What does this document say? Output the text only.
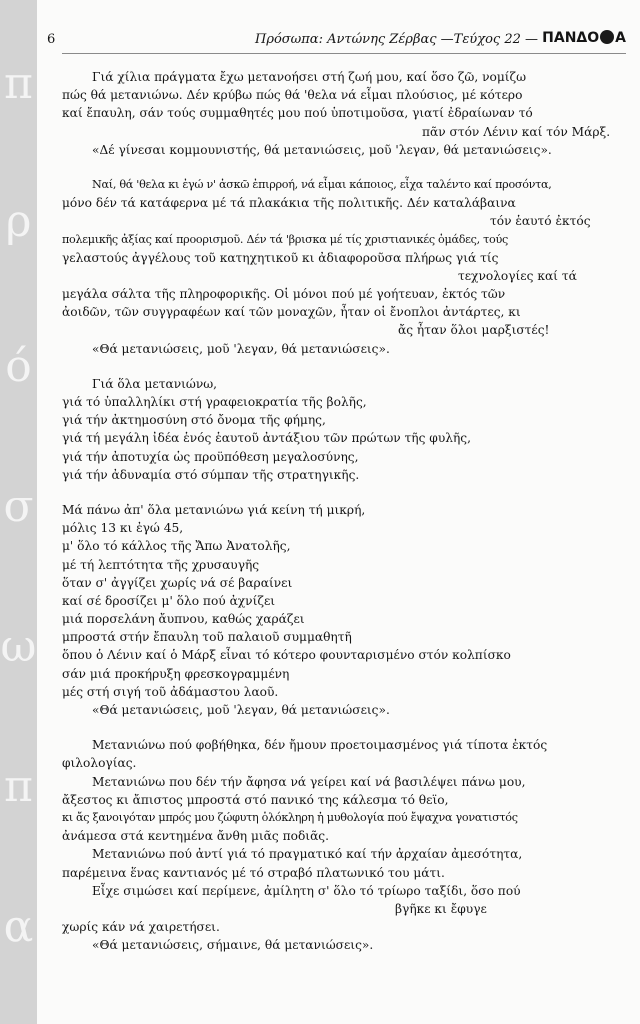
π
ρ
ό
σ
ω
π
α
6	Πρόσωπα: Αντώνης Ζέρβας —Τεύχος 22 — ΠΑΝΔΟ Α
Γιά χίλια πράγματα ἔχω μετανοήσει στή ζωή μου, καί ὅσο ζῶ, νομίζω
πώς θά μετανιώνω. Δέν κρύβω πώς θά 'θελα νά εἶμαι πλούσιος, μέ κότερο
καί ἔπαυλη, σάν τούς συμμαθητές μου πού ὑποτιμοῦσα, γιατί ἐδραίωναν τό
πᾶν στόν Λένιν καί τόν Μάρξ.
«Δέ γίνεσαι κομμουνιστής, θά μετανιώσεις, μοῦ 'λεγαν, θά μετανιώσεις».
Ναί, θά 'θελα κι ἐγώ ν' ἀσκῶ ἐπιρροή, νά εἶμαι κάποιος, εἶχα ταλέντο καί προσόντα,
μόνο δέν τά κατάφερνα μέ τά πλακάκια τῆς πολιτικῆς. Δέν καταλάβαινα
τόν ἑαυτό ἐκτός
πολεμικῆς ἀξίας καί προορισμοῦ. Δέν τά 'βρισκα μέ τίς χριστιανικές ὁμάδες, τούς
γελαστούς ἀγγέλους τοῦ κατηχητικοῦ κι ἀδιαφοροῦσα πλήρως γιά τίς
τεχνολογίες καί τά
μεγάλα σάλτα τῆς πληροφορικῆς. Οἱ μόνοι πού μέ γοήτευαν, ἐκτός τῶν
ἀοιδῶν, τῶν συγγραφέων καί τῶν μοναχῶν, ἦταν οἱ ἔνοπλοι ἀντάρτες, κι
ἄς ἦταν ὅλοι μαρξιστές!
«Θά μετανιώσεις, μοῦ 'λεγαν, θά μετανιώσεις».
Γιά ὅλα μετανιώνω,
γιά τό ὑπαλληλίκι στή γραφειοκρατία τῆς βολῆς,
γιά τήν ἀκτημοσύνη στό ὄνομα τῆς φήμης,
γιά τή μεγάλη ἰδέα ἑνός ἑαυτοῦ ἀντάξιου τῶν πρώτων τῆς φυλῆς,
γιά τήν ἀποτυχία ὡς προϋπόθεση μεγαλοσύνης,
γιά τήν ἀδυναμία στό σύμπαν τῆς στρατηγικῆς.
Μά πάνω ἀπ' ὅλα μετανιώνω γιά κείνη τή μικρή,
μόλις 13 κι ἐγώ 45,
μ' ὅλο τό κάλλος τῆς Ἄπω Ἀνατολῆς,
μέ τή λεπτότητα τῆς χρυσαυγῆς
ὅταν σ' ἀγγίζει χωρίς νά σέ βαραίνει
καί σέ δροσίζει μ' ὅλο πού ἀχνίζει
μιά πορσελάνη ἄυπνου, καθώς χαράζει
μπροστά στήν ἔπαυλη τοῦ παλαιοῦ συμμαθητῆ
ὅπου ὁ Λένιν καί ὁ Μάρξ εἶναι τό κότερο φουνταρισμένο στόν κολπίσκο
σάν μιά προκήρυξη φρεσκογραμμένη
μές στή σιγή τοῦ ἀδάμαστου λαοῦ.
«Θά μετανιώσεις, μοῦ 'λεγαν, θά μετανιώσεις».
Μετανιώνω πού φοβήθηκα, δέν ἤμουν προετοιμασμένος γιά τίποτα ἐκτός
φιλολογίας.
Μετανιώνω που δέν τήν ἄφησα νά γείρει καί νά βασιλέψει πάνω μου,
ἄξεστος κι ἄπιστος μπροστά στό πανικό της κάλεσμα τό θεϊο,
κι ἄς ξανοιγόταν μπρός μου ζώφυτη ὁλόκληρη ἡ μυθολογία πού ἔψαχνα γονατιστός
ἀνάμεσα στά κεντημένα ἄνθη μιᾶς ποδιᾶς.
Μετανιώνω πού ἀντί γιά τό πραγματικό καί τήν ἀρχαίαν ἀμεσότητα,
παρέμεινα ἕνας καντιανός μέ τό στραβό πλατωνικό του μάτι.
Εἶχε σιμώσει καί περίμενε, ἀμίλητη σ' ὅλο τό τρίωρο ταξίδι, ὅσο πού
βγῆκε κι ἔφυγε
χωρίς κάν νά χαιρετήσει.
«Θά μετανιώσεις, σήμαινε, θά μετανιώσεις».
